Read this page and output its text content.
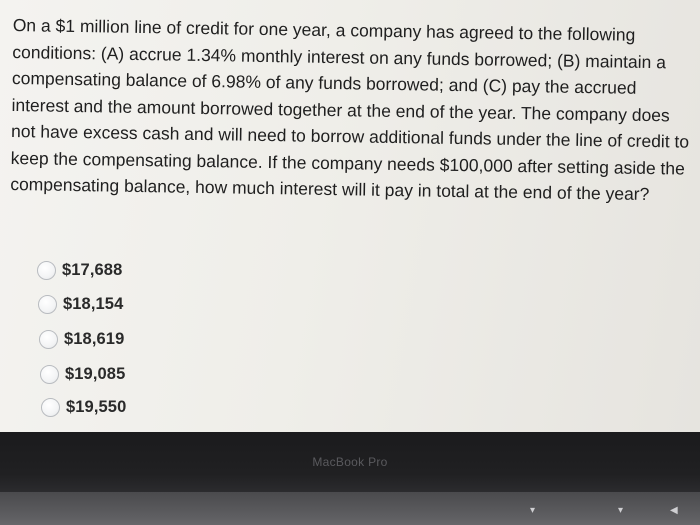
On a $1 million line of credit for one year, a company has agreed to the following conditions: (A) accrue 1.34% monthly interest on any funds borrowed; (B) maintain a compensating balance of 6.98% of any funds borrowed; and (C) pay the accrued interest and the amount borrowed together at the end of the year. The company does not have excess cash and will need to borrow additional funds under the line of credit to keep the compensating balance. If the company needs $100,000 after setting aside the compensating balance, how much interest will it pay in total at the end of the year?

$17,688
$18,154
$18,619
$19,085
$19,550
MacBook Pro
▾	▾	◀
